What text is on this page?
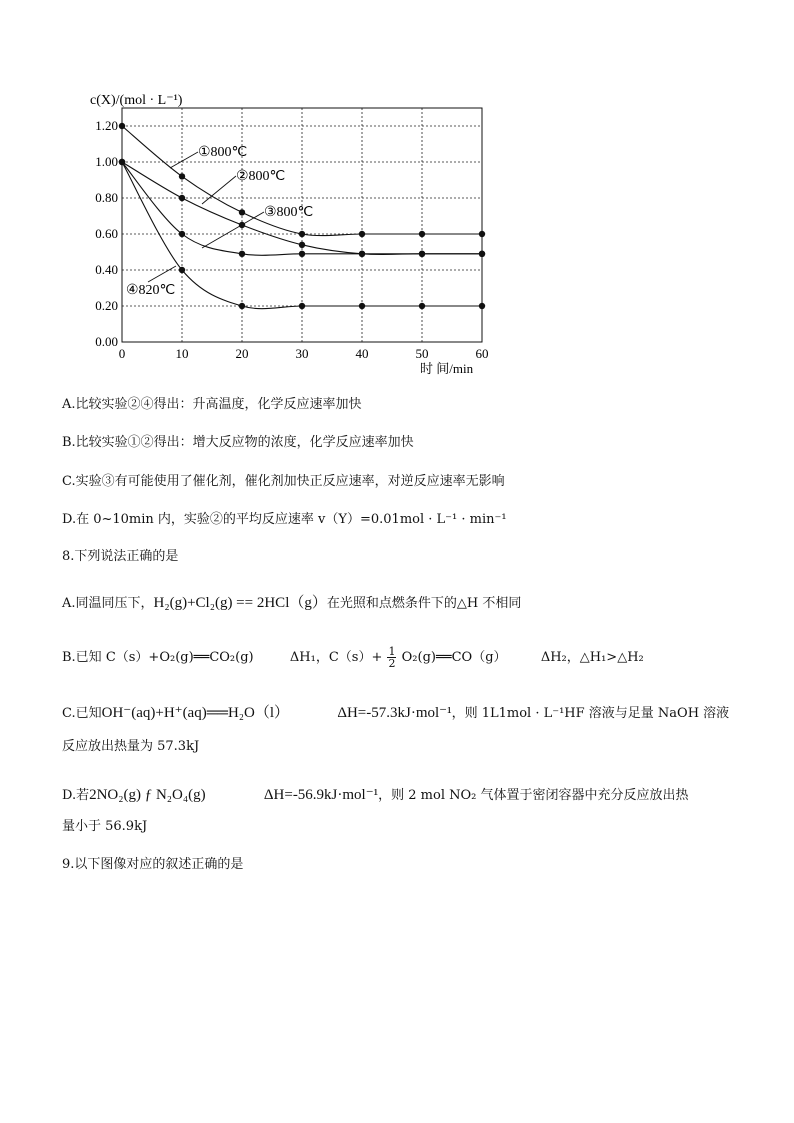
0	10	20	30	40	50	60
0.00
0.20
0.40
0.60
0.80
1.00
1.20
①800℃
②800℃
③800℃
④820℃
c(X)/(mol · L⁻¹)
时 间/min
A.比较实验②④得出：升高温度，化学反应速率加快
B.比较实验①②得出：增大反应物的浓度，化学反应速率加快
C.实验③有可能使用了催化剂，催化剂加快正反应速率，对逆反应速率无影响
D.在 0~10min 内，实验②的平均反应速率 v（Y）=0.01mol · L⁻¹ · min⁻¹
8.下列说法正确的是
A.同温同压下，H₂(g)+Cl₂(g) == 2HCl（g）在光照和点燃条件下的△H 不相同
B.已知 C（s）+O₂(g)══CO₂(g)	ΔH₁，$C(s)+ \frac{1}{2}$ O₂(g)══CO（g）	ΔH₂，△H₁>△H₂
C.已知OH⁻(aq)+H⁺(aq)══H₂O（l）	ΔH=-57.3kJ·mol⁻¹，则 1L1mol · L⁻¹HF 溶液与足量 NaOH 溶液
反应放出热量为 57.3kJ
D.若2NO₂(g) ƒ N₂O₄(g)	ΔH=-56.9kJ·mol⁻¹，则 2 mol NO₂ 气体置于密闭容器中充分反应放出热
量小于 56.9kJ
9.以下图像对应的叙述正确的是
